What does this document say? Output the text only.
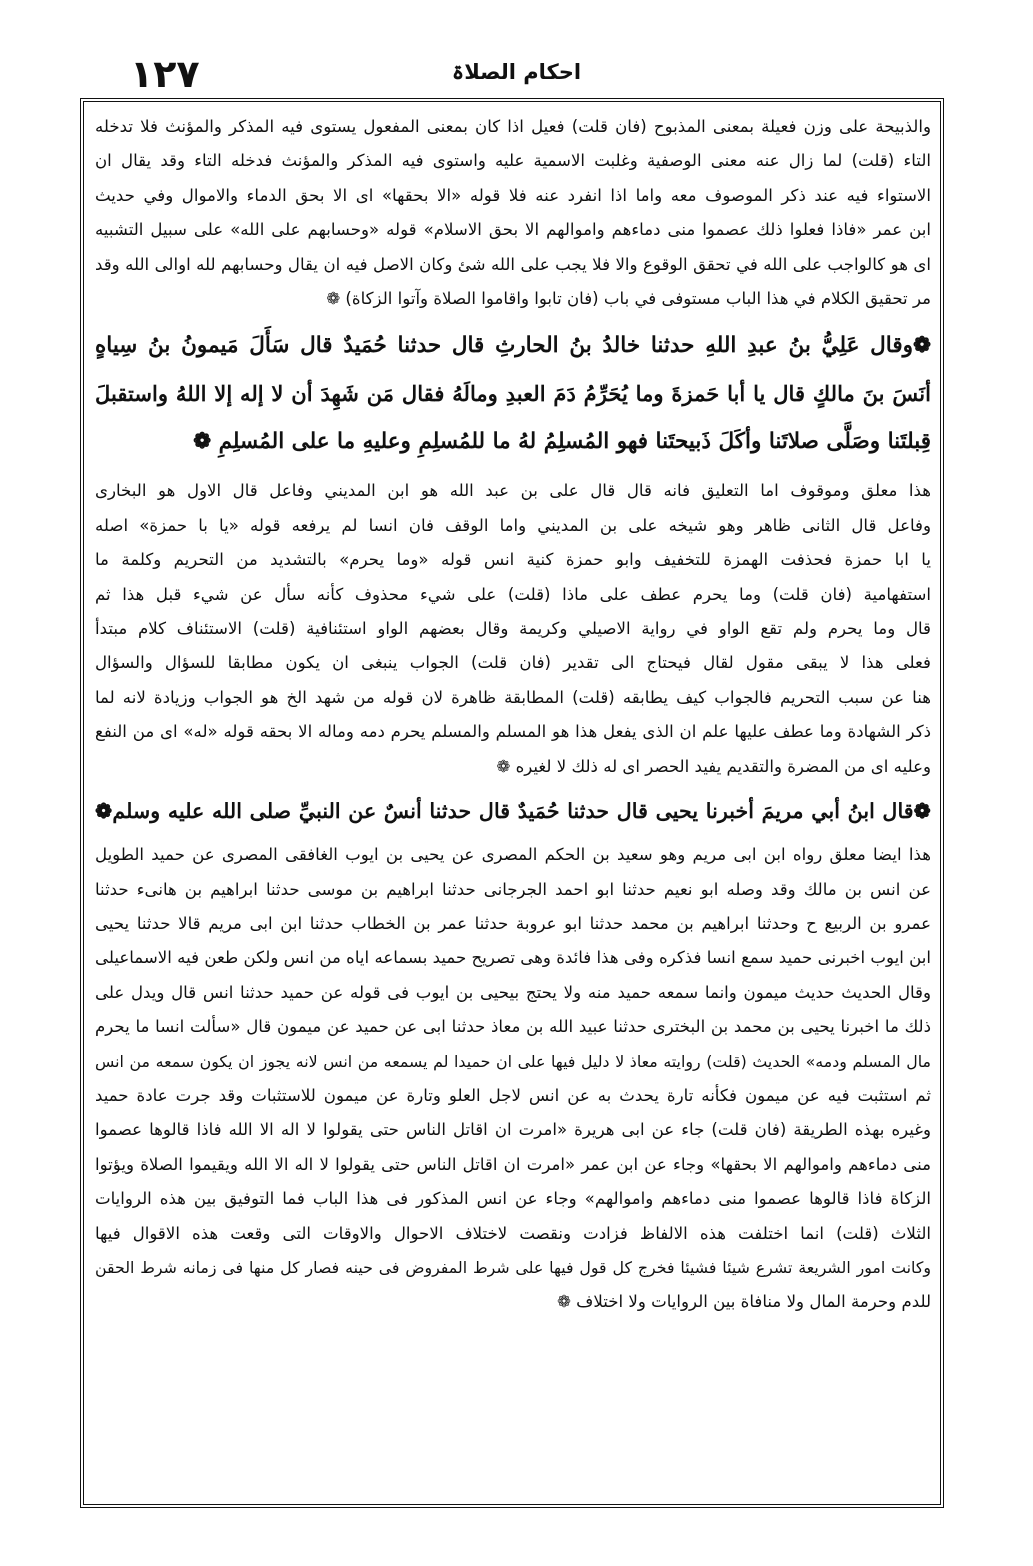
١٢٧	احکام الصلاۃ
والذبيحة على وزن فعيلة بمعنى المذبوح (فان قلت) فعيل اذا كان بمعنى المفعول يستوى فيه المذكر والمؤنث فلا تدخله
التاء (قلت) لما زال عنه معنى الوصفية وغلبت الاسمية عليه واستوى فيه المذكر والمؤنث فدخله التاء وقد يقال ان
الاستواء فيه عند ذكر الموصوف معه واما اذا انفرد عنه فلا قوله «الا بحقها» اى الا بحق الدماء والاموال وفي حديث
ابن عمر «فاذا فعلوا ذلك عصموا منى دماءهم واموالهم الا بحق الاسلام» قوله «وحسابهم على الله» على سبيل التشبيه
اى هو كالواجب على الله في تحقق الوقوع والا فلا يجب على الله شئ وكان الاصل فيه ان يقال وحسابهم لله اوالى الله وقد
مر تحقيق الكلام في هذا الباب مستوفى في باب (فان تابوا واقاموا الصلاة وآتوا الزكاة) ❁
❁وقال عَلِيُّ بنُ عبدِ اللهِ حدثنا خالدُ بنُ الحارثِ قال حدثنا حُمَيدٌ قال سَأَلَ مَيمونُ بنُ سِياهٍ
أنَسَ بنَ مالكٍ قال يا أبا حَمزةَ وما يُحَرِّمُ دَمَ العبدِ ومالَهُ فقال مَن شَهِدَ أن لا إله إلا اللهُ واستقبلَ
قِبلتَنا وصَلَّى صلاتَنا وأكَلَ ذَبيحتَنا فهو المُسلِمُ لهُ ما للمُسلِمِ وعليهِ ما على المُسلِمِ ❁
هذا معلق وموقوف اما التعليق فانه قال قال على بن عبد الله هو ابن المديني وفاعل قال الاول هو البخارى
وفاعل قال الثانى ظاهر وهو شيخه على بن المديني واما الوقف فان انسا لم يرفعه قوله «يا با حمزة» اصله
يا ابا حمزة فحذفت الهمزة للتخفيف وابو حمزة كنية انس قوله «وما يحرم» بالتشديد من التحريم وكلمة ما
استفهامية (فان قلت) وما يحرم عطف على ماذا (قلت) على شيء محذوف كأنه سأل عن شيء قبل هذا ثم
قال وما يحرم ولم تقع الواو في رواية الاصيلي وكريمة وقال بعضهم الواو استئنافية (قلت) الاستئناف كلام مبتدأ
فعلى هذا لا يبقى مقول لقال فيحتاج الى تقدير (فان قلت) الجواب ينبغى ان يكون مطابقا للسؤال والسؤال
هنا عن سبب التحريم فالجواب كيف يطابقه (قلت) المطابقة ظاهرة لان قوله من شهد الخ هو الجواب وزيادة لانه لما
ذكر الشهادة وما عطف عليها علم ان الذى يفعل هذا هو المسلم والمسلم يحرم دمه وماله الا بحقه قوله «له» اى من النفع
وعليه اى من المضرة والتقديم يفيد الحصر اى له ذلك لا لغيره ❁
❁قال ابنُ أبي مريمَ أخبرنا يحيى قال حدثنا حُمَيدٌ قال حدثنا أنسٌ عن النبيِّ صلى الله عليه وسلم❁
هذا ايضا معلق رواه ابن ابى مريم وهو سعيد بن الحكم المصرى عن يحيى بن ايوب الغافقى المصرى عن حميد الطويل
عن انس بن مالك وقد وصله ابو نعيم حدثنا ابو احمد الجرجانى حدثنا ابراهيم بن موسى حدثنا ابراهيم بن هانىء حدثنا
عمرو بن الربيع ح وحدثنا ابراهيم بن محمد حدثنا ابو عروبة حدثنا عمر بن الخطاب حدثنا ابن ابى مريم قالا حدثنا يحيى
ابن ايوب اخبرنى حميد سمع انسا فذكره وفى هذا فائدة وهى تصريح حميد بسماعه اياه من انس ولكن طعن فيه الاسماعيلى
وقال الحديث حديث ميمون وانما سمعه حميد منه ولا يحتج بيحيى بن ايوب فى قوله عن حميد حدثنا انس قال ويدل على
ذلك ما اخبرنا يحيى بن محمد بن البخترى حدثنا عبيد الله بن معاذ حدثنا ابى عن حميد عن ميمون قال «سألت انسا ما يحرم
مال المسلم ودمه» الحديث (قلت) روايته معاذ لا دليل فيها على ان حميدا لم يسمعه من انس لانه يجوز ان يكون سمعه من انس
ثم استثبت فيه عن ميمون فكأنه تارة يحدث به عن انس لاجل العلو وتارة عن ميمون للاستثبات وقد جرت عادة حميد
وغيره بهذه الطريقة (فان قلت) جاء عن ابى هريرة «امرت ان اقاتل الناس حتى يقولوا لا اله الا الله فاذا قالوها عصموا
منى دماءهم واموالهم الا بحقها» وجاء عن ابن عمر «امرت ان اقاتل الناس حتى يقولوا لا اله الا الله ويقيموا الصلاة ويؤتوا
الزكاة فاذا قالوها عصموا منى دماءهم واموالهم» وجاء عن انس المذكور فى هذا الباب فما التوفيق بين هذه الروايات
الثلاث (قلت) انما اختلفت هذه الالفاظ فزادت ونقصت لاختلاف الاحوال والاوقات التى وقعت هذه الاقوال فيها
وكانت امور الشريعة تشرع شيئا فشيئا فخرج كل قول فيها على شرط المفروض فى حينه فصار كل منها فى زمانه شرط الحقن
للدم وحرمة المال ولا منافاة بين الروايات ولا اختلاف ❁
